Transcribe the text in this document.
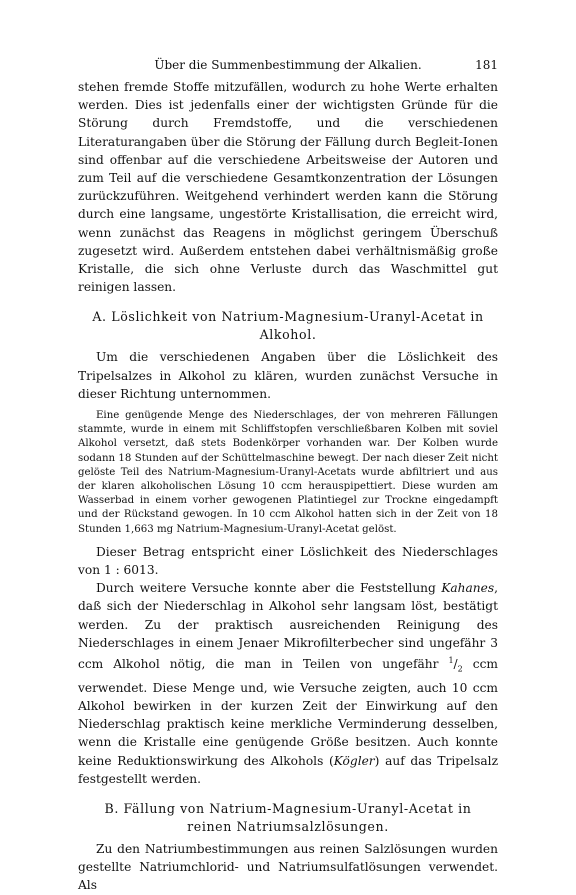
Über die Summenbestimmung der Alkalien.	181

stehen fremde Stoffe mitzufällen, wodurch zu hohe Werte erhalten werden. Dies ist jedenfalls einer der wichtigsten Gründe für die Störung durch Fremdstoffe, und die verschiedenen Literaturangaben über die Störung der Fällung durch Begleit-Ionen sind offenbar auf die verschiedene Arbeitsweise der Autoren und zum Teil auf die verschiedene Gesamtkonzentration der Lösungen zurückzuführen. Weitgehend verhindert werden kann die Störung durch eine langsame, ungestörte Kristallisation, die erreicht wird, wenn zunächst das Reagens in möglichst geringem Überschuß zugesetzt wird. Außerdem entstehen dabei verhältnismäßig große Kristalle, die sich ohne Verluste durch das Waschmittel gut reinigen lassen.

A. Löslichkeit von Natrium-Magnesium-Uranyl-Acetat in
Alkohol.

Um die verschiedenen Angaben über die Löslichkeit des Tripelsalzes in Alkohol zu klären, wurden zunächst Versuche in dieser Richtung unternommen.

Eine genügende Menge des Niederschlages, der von mehreren Fällungen stammte, wurde in einem mit Schliffstopfen verschließbaren Kolben mit soviel Alkohol versetzt, daß stets Bodenkörper vorhanden war. Der Kolben wurde sodann 18 Stunden auf der Schüttelmaschine bewegt. Der nach dieser Zeit nicht gelöste Teil des Natrium-Magnesium-Uranyl-Acetats wurde abfiltriert und aus der klaren alkoholischen Lösung 10 ccm herauspipettiert. Diese wurden am Wasserbad in einem vorher gewogenen Platintiegel zur Trockne eingedampft und der Rückstand gewogen. In 10 ccm Alkohol hatten sich in der Zeit von 18 Stunden 1,663 mg Natrium-Magnesium-Uranyl-Acetat gelöst.

Dieser Betrag entspricht einer Löslichkeit des Niederschlages von 1 : 6013.

Durch weitere Versuche konnte aber die Feststellung Kahanes, daß sich der Niederschlag in Alkohol sehr langsam löst, bestätigt werden. Zu der praktisch ausreichenden Reinigung des Niederschlages in einem Jenaer Mikrofilterbecher sind ungefähr 3 ccm Alkohol nötig, die man in Teilen von ungefähr $^1/_2$ ccm verwendet. Diese Menge und, wie Versuche zeigten, auch 10 ccm Alkohol bewirken in der kurzen Zeit der Einwirkung auf den Niederschlag praktisch keine merkliche Verminderung desselben, wenn die Kristalle eine genügende Größe besitzen. Auch konnte keine Reduktionswirkung des Alkohols (Kögler) auf das Tripelsalz festgestellt werden.

B. Fällung von Natrium-Magnesium-Uranyl-Acetat in
reinen Natriumsalzlösungen.

Zu den Natriumbestimmungen aus reinen Salzlösungen wurden gestellte Natriumchlorid- und Natriumsulfatlösungen verwendet. Als
